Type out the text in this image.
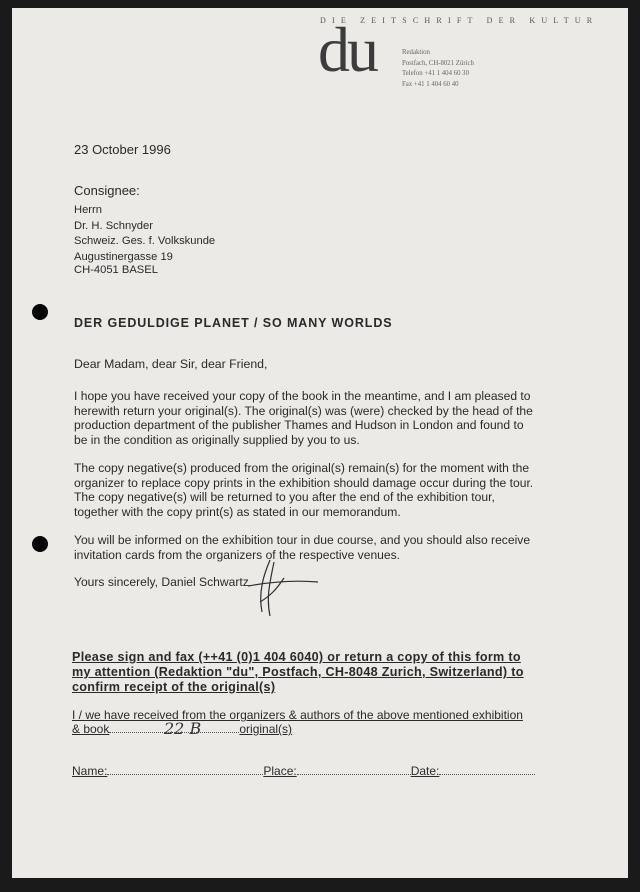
DIE ZEITSCHRIFT DER KULTUR
du	Redaktion
Postfach, CH-8021 Zürich
Telefon +41 1 404 60 30
Fax +41 1 404 60 40
23 October 1996
Consignee:
Herrn
Dr. H. Schnyder
Schweiz. Ges. f. Volkskunde
Augustinergasse 19
CH-4051 BASEL
DER GEDULDIGE PLANET / SO MANY WORLDS
Dear Madam, dear Sir, dear Friend,
I hope you have received your copy of the book in the meantime, and I am pleased to
herewith return your original(s). The original(s) was (were) checked by the head of the
production department of the publisher Thames and Hudson in London and found to
be in the condition as originally supplied by you to us.
The copy negative(s) produced from the original(s) remain(s) for the moment with the
organizer to replace copy prints in the exhibition should damage occur during the tour.
The copy negative(s) will be returned to you after the end of the exhibition tour,
together with the copy print(s) as stated in our memorandum.
You will be informed on the exhibition tour in due course, and you should also receive
invitation cards from the organizers of the respective venues.
Yours sincerely, Daniel Schwartz
Please sign and fax (++41 (0)1 404 6040) or return a copy of this form to
my attention (Redaktion "du", Postfach, CH-8048 Zurich, Switzerland) to
confirm receipt of the original(s)
I / we have received from the organizers & authors of the above mentioned exhibition
& book	original(s)
22 B
Name:	Place:	Date:
